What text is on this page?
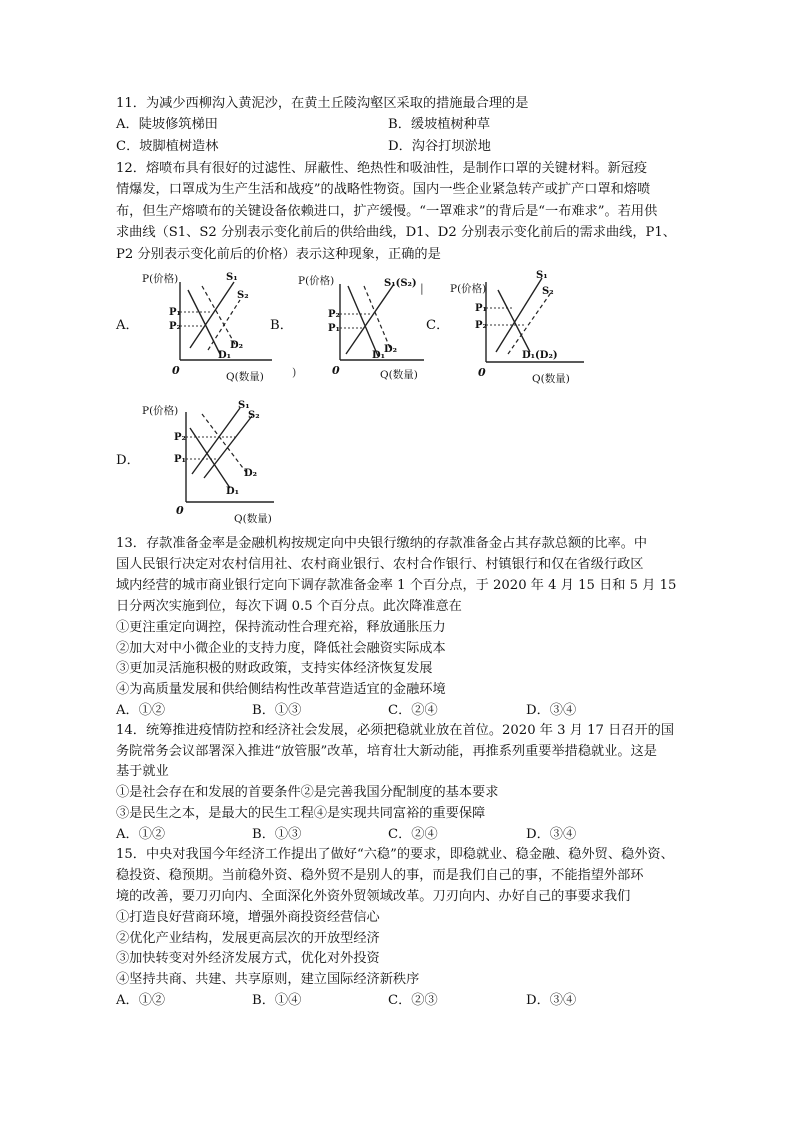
11．为减少西柳沟入黄泥沙，在黄土丘陵沟壑区采取的措施最合理的是
A．陡坡修筑梯田	B．缓坡植树种草
C．坡脚植树造林	D．沟谷打坝淤地
12．熔喷布具有很好的过滤性、屏蔽性、绝热性和吸油性，是制作口罩的关键材料。新冠疫
情爆发，口罩成为生产生活和战疫”的战略性物资。国内一些企业紧急转产或扩产口罩和熔喷
布，但生产熔喷布的关键设备依赖进口，扩产缓慢。“一罩难求”的背后是“一布难求”。若用供
求曲线（S1、S2 分别表示变化前后的供给曲线，D1、D2 分别表示变化前后的需求曲线，P1、
P2 分别表示变化前后的价格）表示这种现象，正确的是
A．	B．	C．
D．
P(价格)
0	Q(数量)
P₁
P₂
S₁
S₂
D₁
D₂
)
P(价格)
0	Q(数量)
P₂
P₁
S₁(S₂)
D₁
D₂
|	P(价格)
0	Q(数量)
P₁
P₂
S₁
S₂
D₁(D₂)
P(价格)
0
Q(数量)
P₂
P₁
S₁
S₂
D₁
D₂
13．存款准备金率是金融机构按规定向中央银行缴纳的存款准备金占其存款总额的比率。中
国人民银行决定对农村信用社、农村商业银行、农村合作银行、村镇银行和仅在省级行政区
域内经营的城市商业银行定向下调存款准备金率 1 个百分点，于 2020 年 4 月 15 日和 5 月 15
日分两次实施到位，每次下调 0.5 个百分点。此次降准意在
①更注重定向调控，保持流动性合理充裕，释放通胀压力
②加大对中小微企业的支持力度，降低社会融资实际成本
③更加灵活施积极的财政政策，支持实体经济恢复发展
④为高质量发展和供给侧结构性改革营造适宜的金融环境
A．①②	B．①③	C．②④	D．③④
14．统筹推进疫情防控和经济社会发展，必须把稳就业放在首位。2020 年 3 月 17 日召开的国
务院常务会议部署深入推进“放管服”改革，培育壮大新动能，再推系列重要举措稳就业。这是
基于就业
①是社会存在和发展的首要条件②是完善我国分配制度的基本要求
③是民生之本，是最大的民生工程④是实现共同富裕的重要保障
A．①②	B．①③	C．②④	D．③④
15．中央对我国今年经济工作提出了做好“六稳”的要求，即稳就业、稳金融、稳外贸、稳外资、
稳投资、稳预期。当前稳外资、稳外贸不是别人的事，而是我们自己的事，不能指望外部环
境的改善，要刀刃向内、全面深化外资外贸领域改革。刀刃向内、办好自己的事要求我们
①打造良好营商环境，增强外商投资经营信心
②优化产业结构，发展更高层次的开放型经济
③加快转变对外经济发展方式，优化对外投资
④坚持共商、共建、共享原则，建立国际经济新秩序
A．①②	B．①④	C．②③	D．③④
